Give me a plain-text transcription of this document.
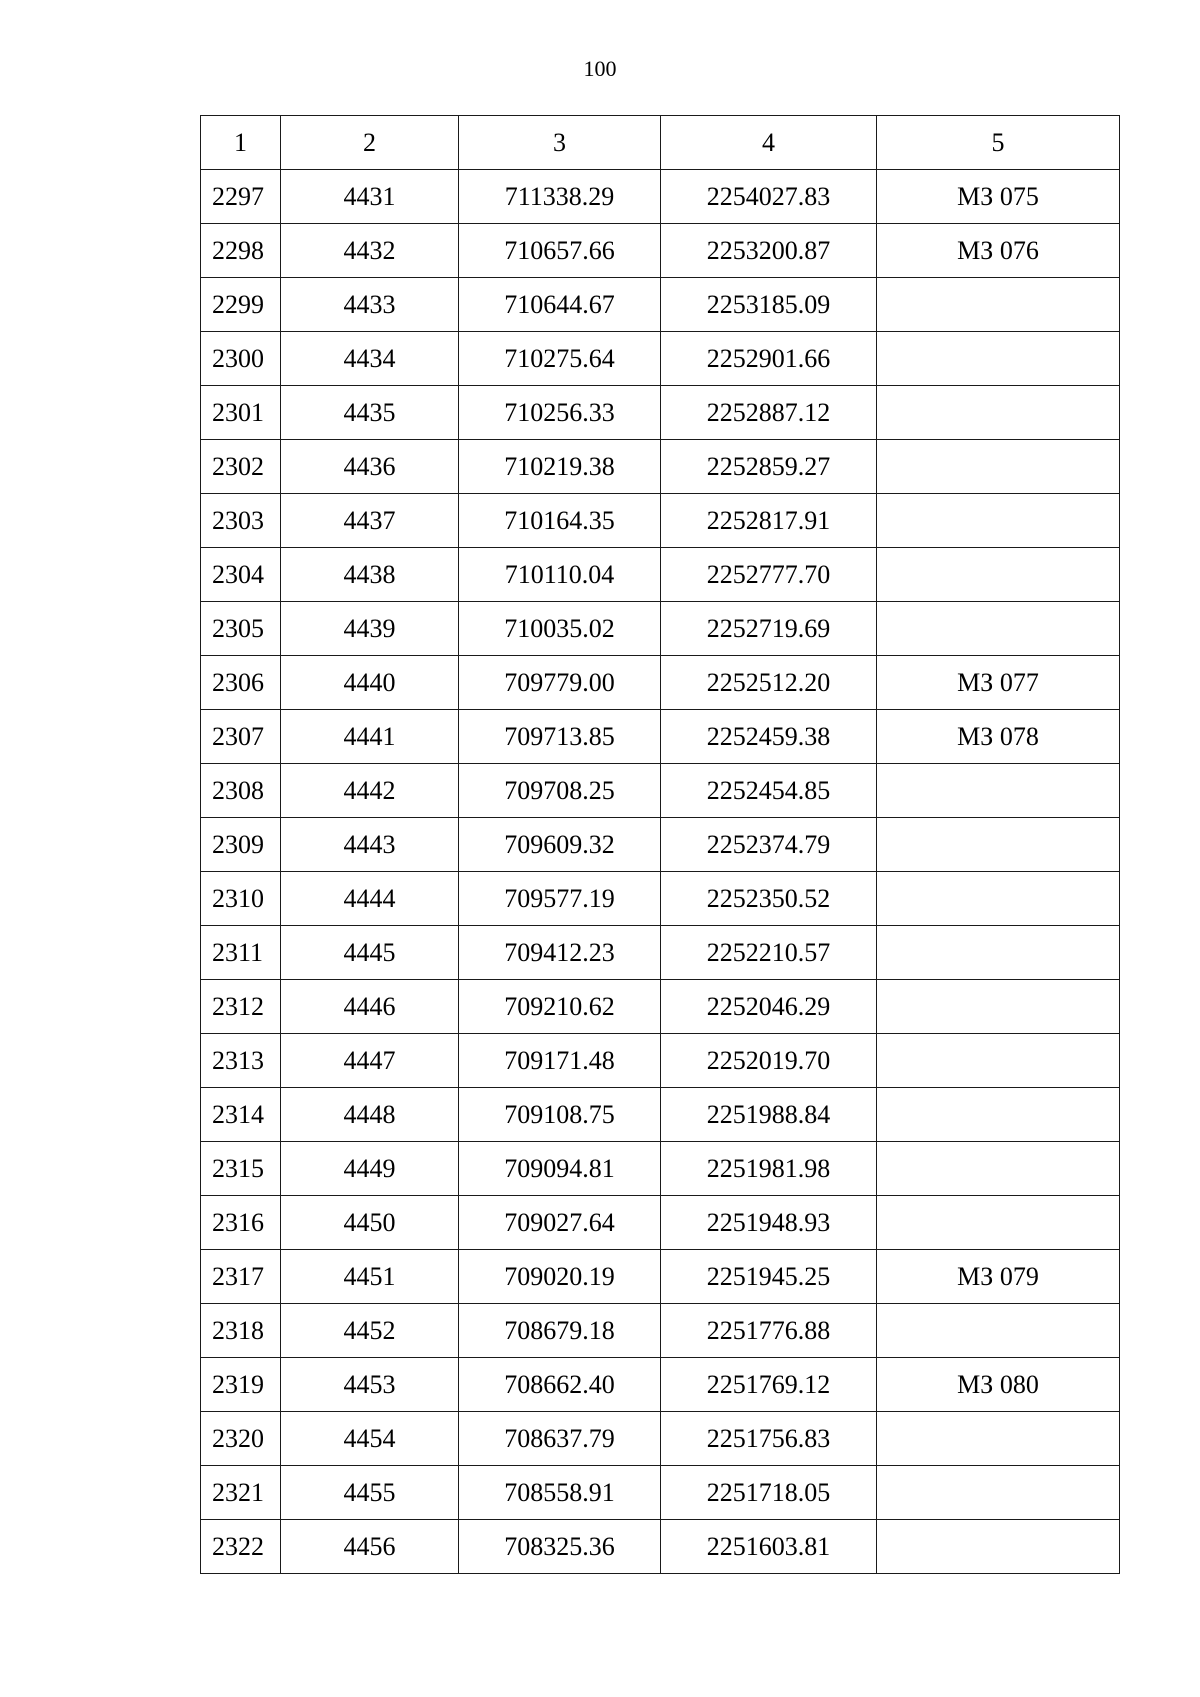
100
1	2	3	4	5
2297	4431	711338.29	2254027.83	МЗ 075
2298	4432	710657.66	2253200.87	МЗ 076
2299	4433	710644.67	2253185.09	
2300	4434	710275.64	2252901.66	
2301	4435	710256.33	2252887.12	
2302	4436	710219.38	2252859.27	
2303	4437	710164.35	2252817.91	
2304	4438	710110.04	2252777.70	
2305	4439	710035.02	2252719.69	
2306	4440	709779.00	2252512.20	МЗ 077
2307	4441	709713.85	2252459.38	МЗ 078
2308	4442	709708.25	2252454.85	
2309	4443	709609.32	2252374.79	
2310	4444	709577.19	2252350.52	
2311	4445	709412.23	2252210.57	
2312	4446	709210.62	2252046.29	
2313	4447	709171.48	2252019.70	
2314	4448	709108.75	2251988.84	
2315	4449	709094.81	2251981.98	
2316	4450	709027.64	2251948.93	
2317	4451	709020.19	2251945.25	МЗ 079
2318	4452	708679.18	2251776.88	
2319	4453	708662.40	2251769.12	МЗ 080
2320	4454	708637.79	2251756.83	
2321	4455	708558.91	2251718.05	
2322	4456	708325.36	2251603.81	
